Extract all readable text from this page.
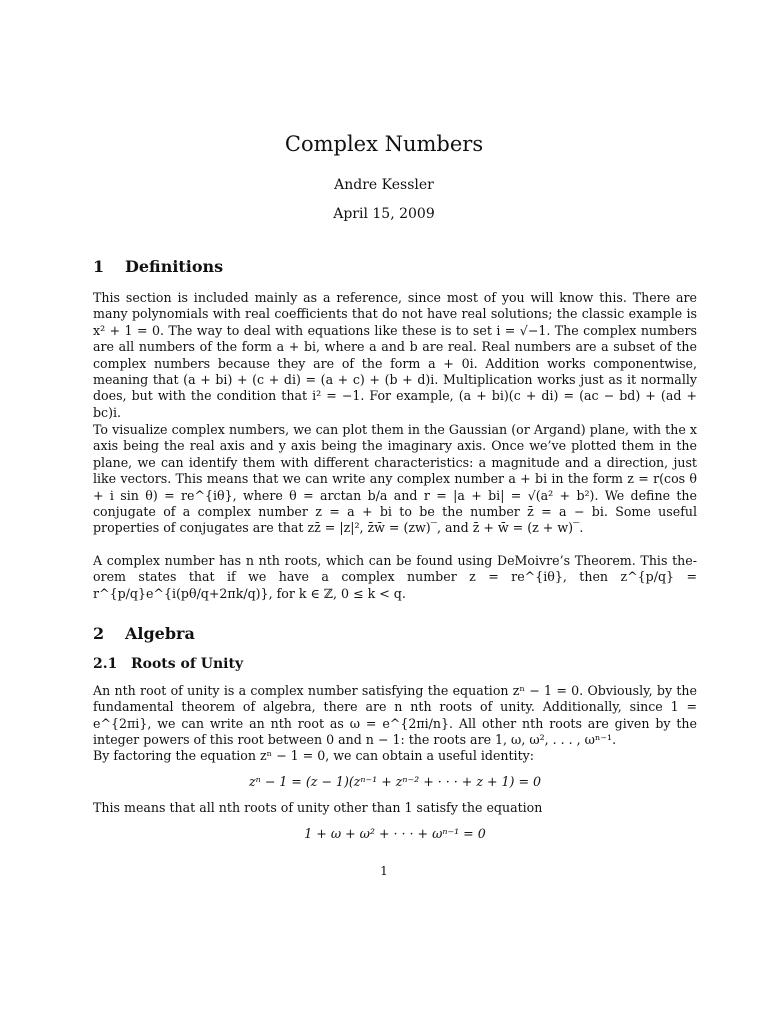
Complex Numbers
Andre Kessler
April 15, 2009
1 Definitions
This section is included mainly as a reference, since most of you will know this. There are many polynomials with real coefficients that do not have real solutions; the classic example is x² + 1 = 0. The way to deal with equations like these is to set i = √−1. The complex numbers are all numbers of the form a + bi, where a and b are real. Real numbers are a subset of the complex numbers because they are of the form a + 0i. Addition works componentwise, meaning that (a + bi) + (c + di) = (a + c) + (b + d)i. Multiplication works just as it normally does, but with the condition that i² = −1. For example, (a + bi)(c + di) = (ac − bd) + (ad + bc)i.
To visualize complex numbers, we can plot them in the Gaussian (or Argand) plane, with the x axis being the real axis and y axis being the imaginary axis. Once we’ve plotted them in the plane, we can identify them with different characteristics: a magnitude and a direction, just like vectors. This means that we can write any complex number a + bi in the form z = r(cos θ + i sin θ) = re^{iθ}, where θ = arctan b/a and r = |a + bi| = √(a² + b²). We define the conjugate of a complex number z = a + bi to be the number z̄ = a − bi. Some useful properties of conjugates are that zz̄ = |z|², z̄w̄ = (zw)‾, and z̄ + w̄ = (z + w)‾.
A complex number has n nth roots, which can be found using DeMoivre’s Theorem. This theorem states that if we have a complex number z = re^{iθ}, then z^{p/q} = r^{p/q}e^{i(pθ/q+2πk/q)}, for k ∈ ℤ, 0 ≤ k < q.
2 Algebra
2.1 Roots of Unity
An nth root of unity is a complex number satisfying the equation zⁿ − 1 = 0. Obviously, by the fundamental theorem of algebra, there are n nth roots of unity. Additionally, since 1 = e^{2πi}, we can write an nth root as ω = e^{2πi/n}. All other nth roots are given by the integer powers of this root between 0 and n − 1: the roots are 1, ω, ω², . . . , ωⁿ⁻¹.
By factoring the equation zⁿ − 1 = 0, we can obtain a useful identity:
zⁿ − 1 = (z − 1)(zⁿ⁻¹ + zⁿ⁻² + · · · + z + 1) = 0
This means that all nth roots of unity other than 1 satisfy the equation
1 + ω + ω² + · · · + ωⁿ⁻¹ = 0
1
